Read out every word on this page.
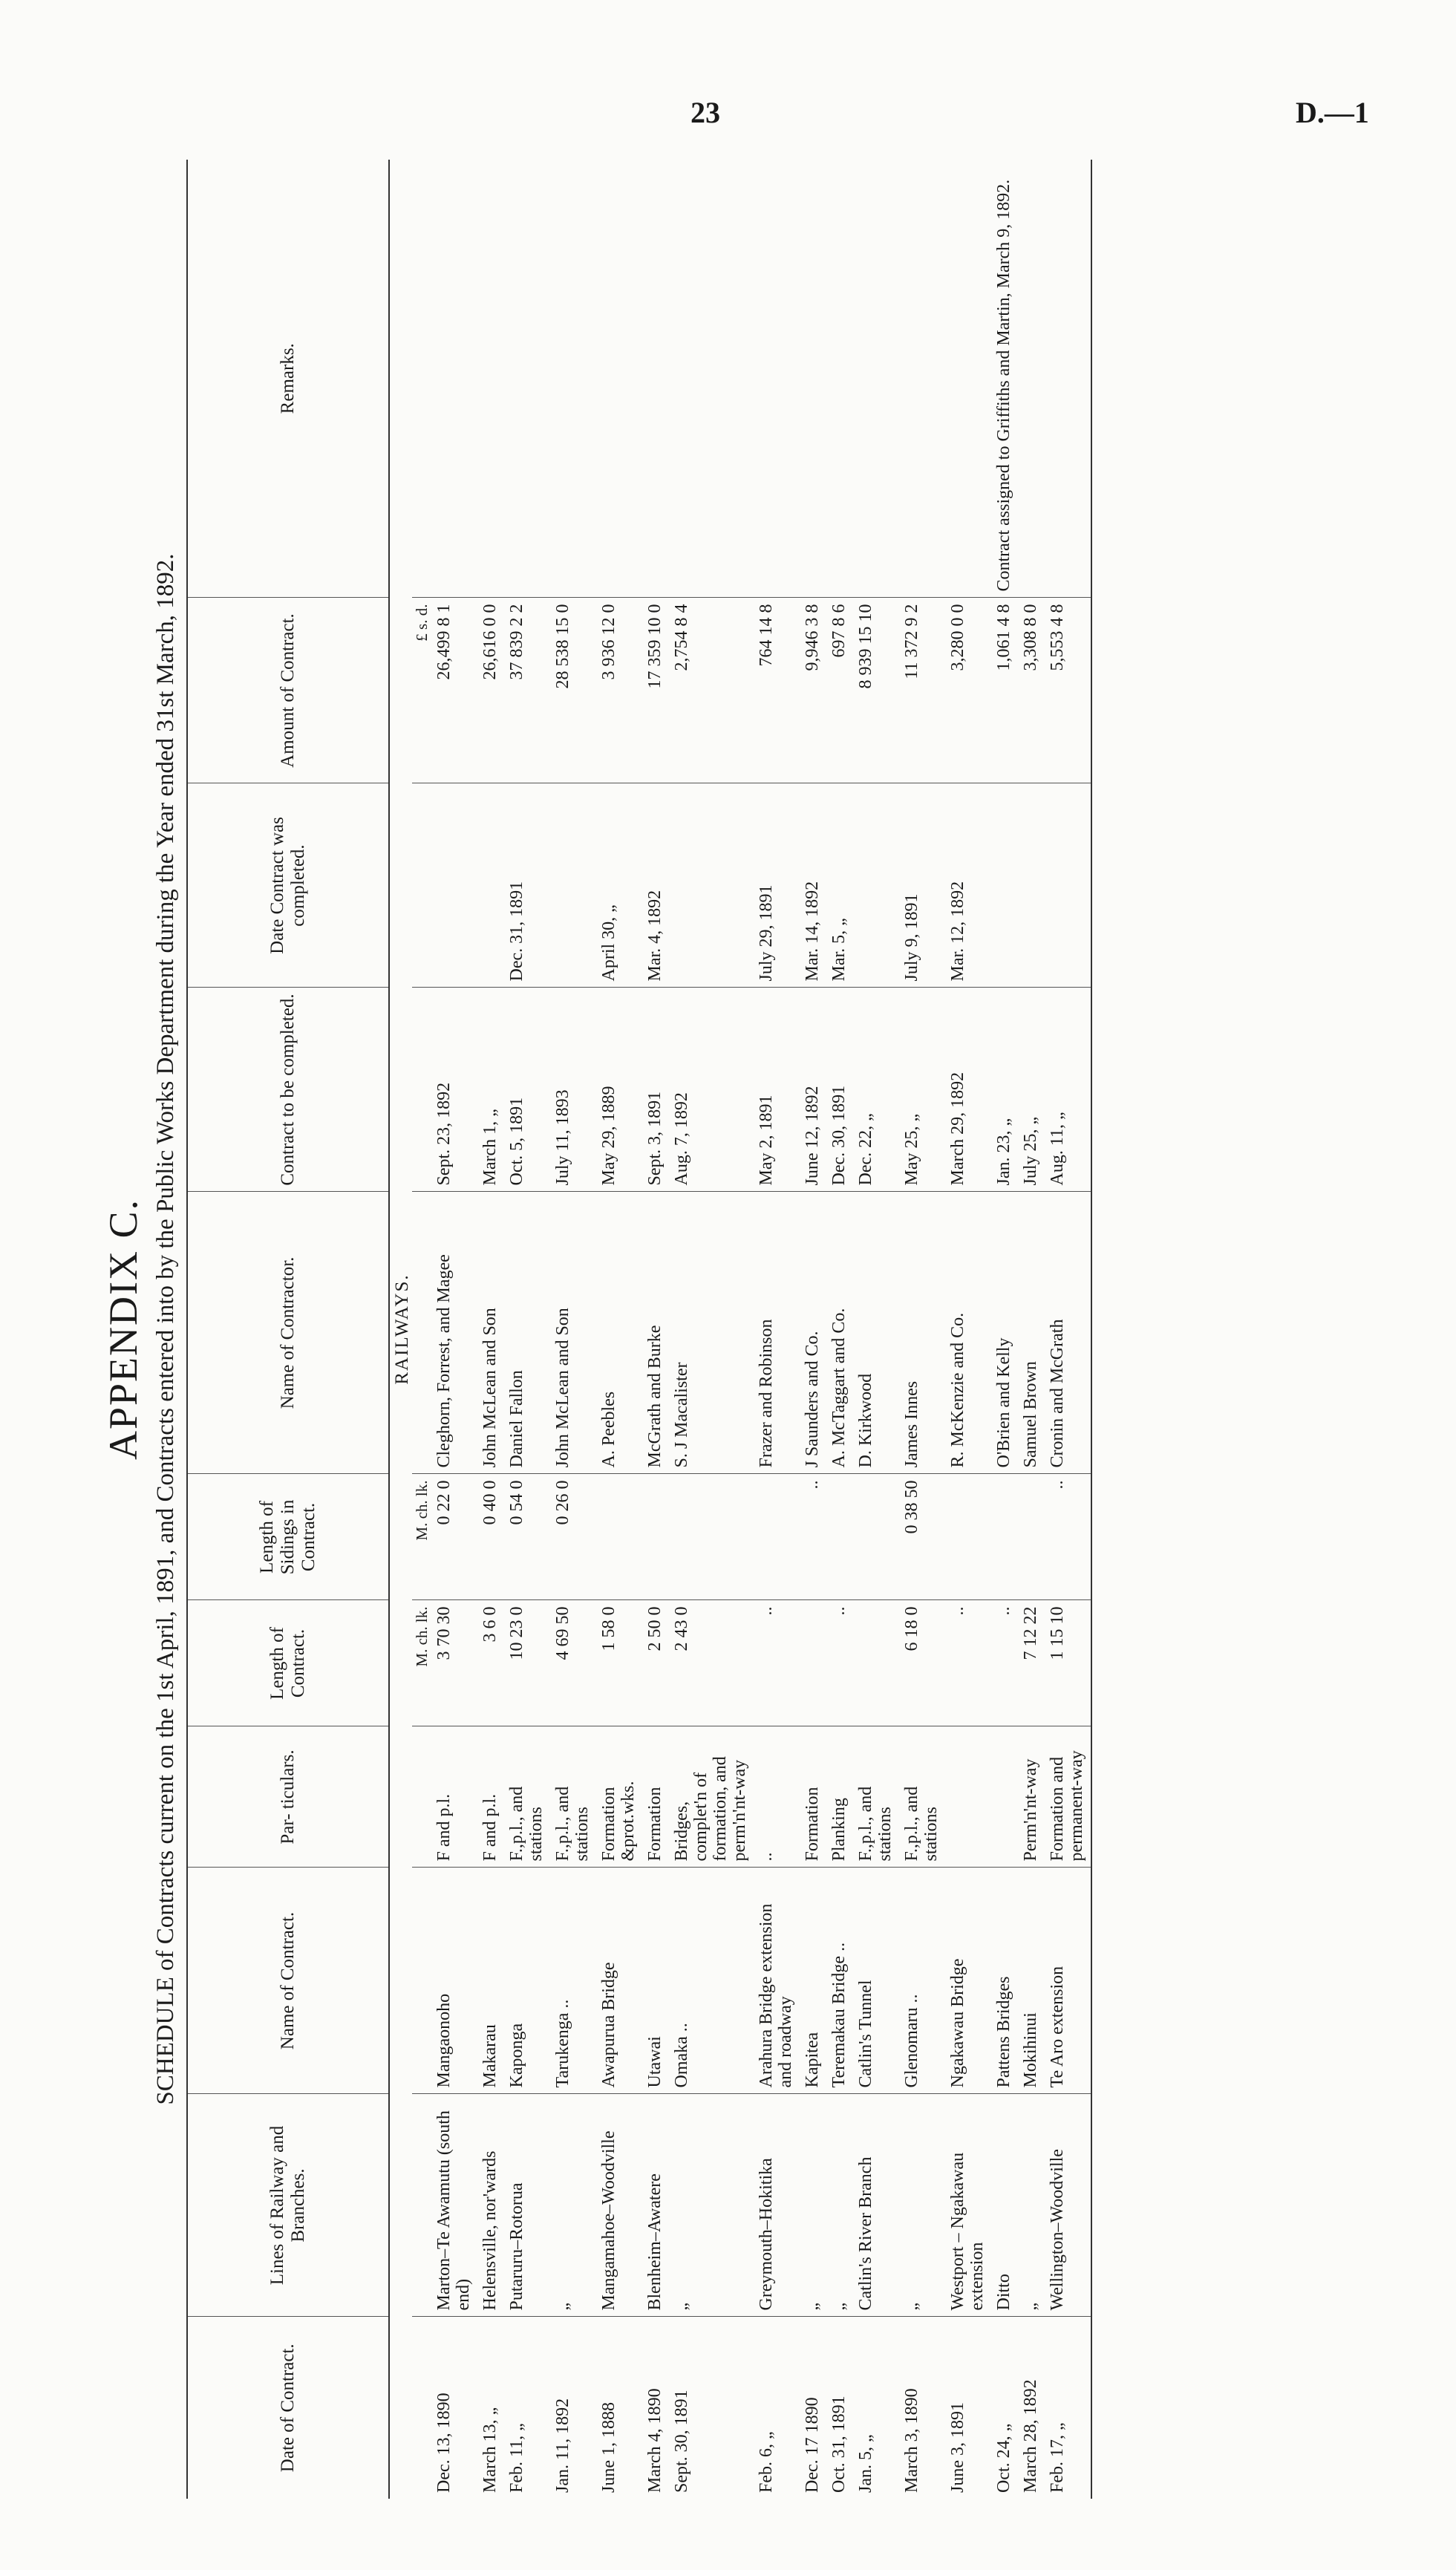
23	D.—1
APPENDIX C. SCHEDULE of Contracts current on the 1st April, 1891, and Contracts entered into by the Public Works Department during the Year ended 31st March, 1892.
Date of Contract.	Lines of Railway and Branches.	Name of Contract.	Par- ticulars.	Length of Contract.	Length of Sidings in Contract.	Name of Contractor.	Contract to be completed.	Date Contract was completed.	Amount of Contract.	Remarks.
RAILWAYS.										
				M. ch. lk.	M. ch. lk.				£ s. d.	
Dec. 13, 1890	Marton–Te Awamutu (south end)	Mangaonoho	F and p.l.	3 70 30	0 22 0	Cleghorn, Forrest, and Magee	Sept. 23, 1892		26,499 8 1	
March 13, „	Helensville, nor'wards	Makarau	F and p.l.	3 6 0	0 40 0	John McLean and Son	March 1, „		26,616 0 0	
Feb. 11, „	Putaruru–Rotorua	Kaponga	F.,p.l., and stations	10 23 0	0 54 0	Daniel Fallon	Oct. 5, 1891	Dec. 31, 1891	37 839 2 2	
Jan. 11, 1892	„	Tarukenga ..	F.,p.l., and stations	4 69 50	0 26 0	John McLean and Son	July 11, 1893		28 538 15 0	
June 1, 1888	Mangamahoe–Woodville	Awapuruа Bridge	Formation &prot.wks.	1 58 0		A. Peebles	May 29, 1889	April 30, „	3 936 12 0	
March 4, 1890	Blenheim–Awatere	Utawai	Formation	2 50 0		McGrath and Burke	Sept. 3, 1891	Mar. 4, 1892	17 359 10 0	
Sept. 30, 1891	„	Omaka ..	Bridges, complet'n of formation, and perm'n'nt-way	2 43 0		S. J Macalister	Aug. 7, 1892		2,754 8 4	
Feb. 6, „	Greymouth–Hokitika	Arahura Bridge extension and roadway	..	..		Frazer and Robinson	May 2, 1891	July 29, 1891	764 14 8	
Dec. 17 1890	„	Kapitea	Formation		..	J Saunders and Co.	June 12, 1892	Mar. 14, 1892	9,946 3 8	
Oct. 31, 1891	„	Teremakau Bridge ..	Planking	..		A. McTaggart and Co.	Dec. 30, 1891	Mar. 5, „	697 8 6	
Jan. 5, „	Catlin's River Branch	Catlin's Tunnel	F.,p.l., and stations			D. Kirkwood	Dec. 22, „		8 939 15 10	
March 3, 1890	„	Glenomaru ..	F.,p.l., and stations	6 18 0	0 38 50	James Innes	May 25, „	July 9, 1891	11 372 9 2	
June 3, 1891	Westport – Ngakawau extension	Ngakawau Bridge		..		R. McKenzie and Co.	March 29, 1892	Mar. 12, 1892	3,280 0 0	
Oct. 24, „	Ditto	Pattens Bridges		..		O'Brien and Kelly	Jan. 23, „		1,061 4 8	Contract assigned to Griffiths and Martin, March 9, 1892.
March 28, 1892	„	Mokihinui	Perm'n'nt-way	7 12 22		Samuel Brown	July 25, „		3,308 8 0	
Feb. 17, „	Wellington–Woodville	Te Aro extension	Formation and permanent-way	1 15 10	..	Cronin and McGrath	Aug. 11, „		5,553 4 8	
